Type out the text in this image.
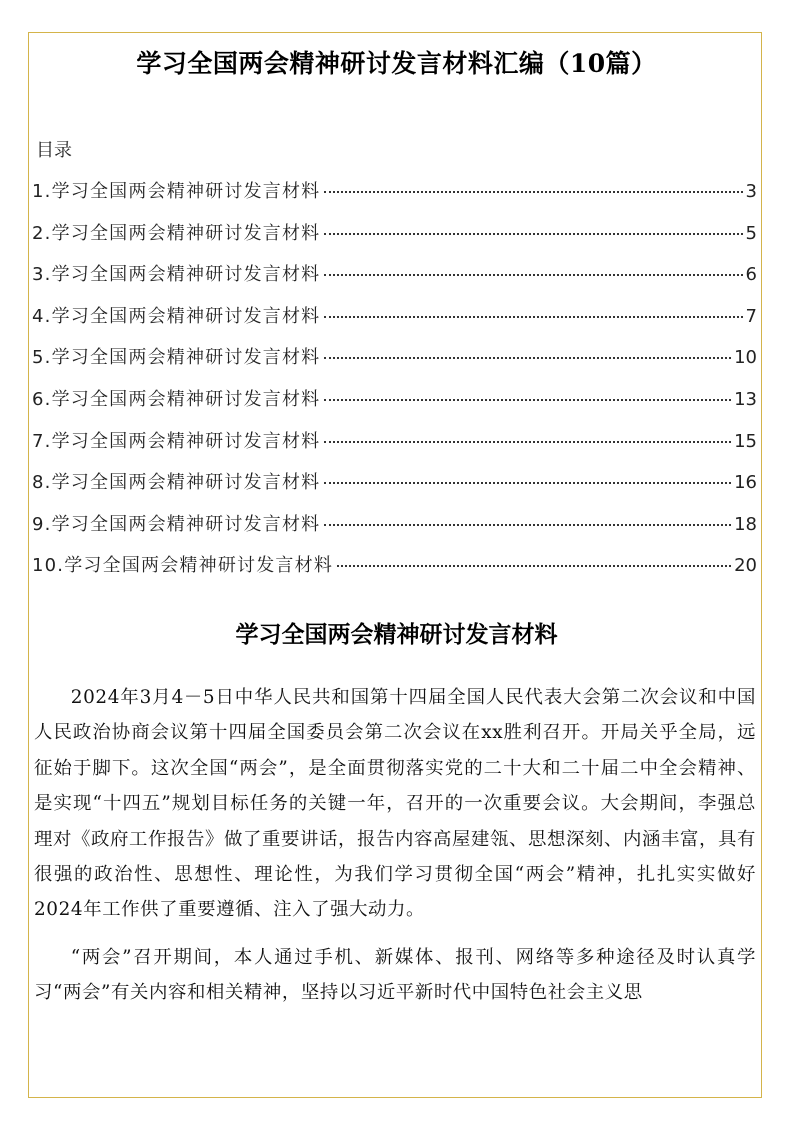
学习全国两会精神研讨发言材料汇编（10篇）
目录
1.学习全国两会精神研讨发言材料	3
2.学习全国两会精神研讨发言材料	5
3.学习全国两会精神研讨发言材料	6
4.学习全国两会精神研讨发言材料	7
5.学习全国两会精神研讨发言材料	10
6.学习全国两会精神研讨发言材料	13
7.学习全国两会精神研讨发言材料	15
8.学习全国两会精神研讨发言材料	16
9.学习全国两会精神研讨发言材料	18
10.学习全国两会精神研讨发言材料	20
学习全国两会精神研讨发言材料

2024年3月4－5日中华人民共和国第十四届全国人民代表大会第二次会议和中国人民政治协商会议第十四届全国委员会第二次会议在xx胜利召开。开局关乎全局，远征始于脚下。这次全国“两会”，是全面贯彻落实党的二十大和二十届二中全会精神、是实现“十四五”规划目标任务的关键一年，召开的一次重要会议。大会期间，李强总理对《政府工作报告》做了重要讲话，报告内容高屋建瓴、思想深刻、内涵丰富，具有很强的政治性、思想性、理论性，为我们学习贯彻全国“两会”精神，扎扎实实做好2024年工作供了重要遵循、注入了强大动力。

“两会”召开期间，本人通过手机、新媒体、报刊、网络等多种途径及时认真学习“两会”有关内容和相关精神，坚持以习近平新时代中国特色社会主义思
